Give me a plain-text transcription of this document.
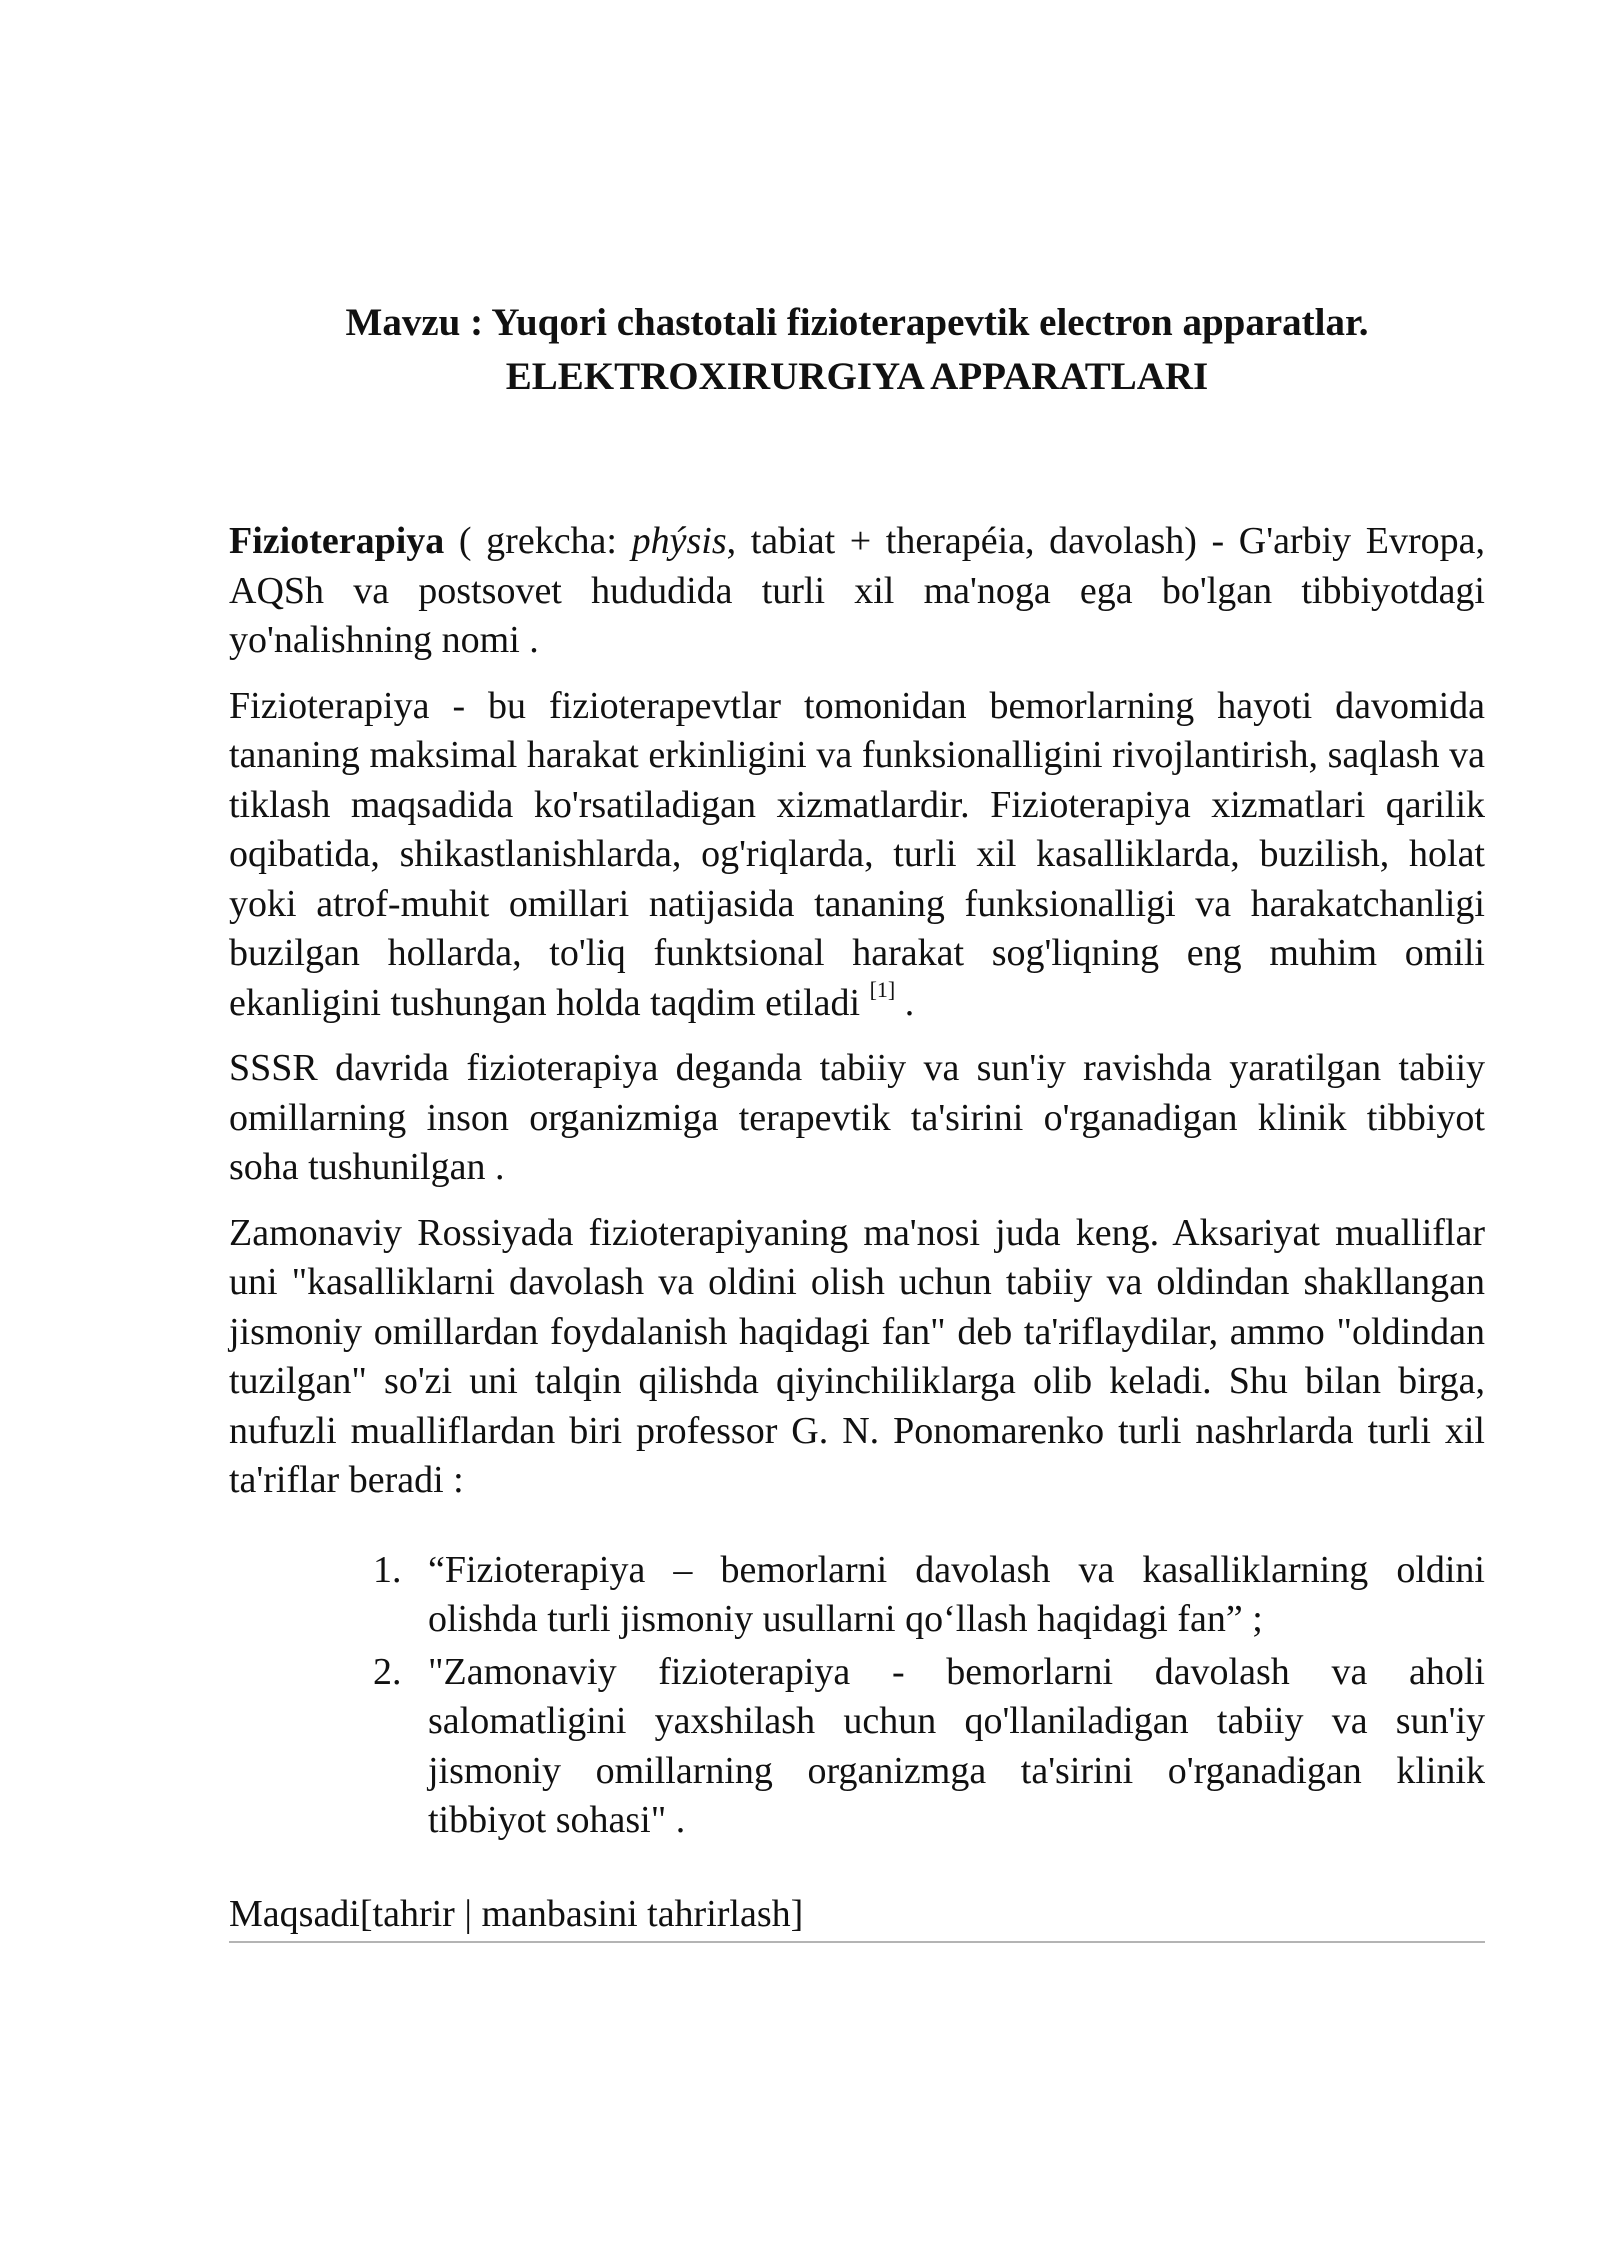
Mavzu : Yuqori chastotali fizioterapevtik electron apparatlar.
ELEKTROXIRURGIYA APPARATLARI

Fizioterapiya ( grekcha: phýsis, tabiat + therapéia, davolash) - G'arbiy Evropa, AQSh va postsovet hududida turli xil ma'noga ega bo'lgan tibbiyotdagi yo'nalishning nomi .

Fizioterapiya - bu fizioterapevtlar tomonidan bemorlarning hayoti davomida tananing maksimal harakat erkinligini va funksionalligini rivojlantirish, saqlash va tiklash maqsadida ko'rsatiladigan xizmatlardir. Fizioterapiya xizmatlari qarilik oqibatida, shikastlanishlarda, og'riqlarda, turli xil kasalliklarda, buzilish, holat yoki atrof-muhit omillari natijasida tananing funksionalligi va harakatchanligi buzilgan hollarda, to'liq funktsional harakat sog'liqning eng muhim omili ekanligini tushungan holda taqdim etiladi [1] .

SSSR davrida fizioterapiya deganda tabiiy va sun'iy ravishda yaratilgan tabiiy omillarning inson organizmiga terapevtik ta'sirini o'rganadigan klinik tibbiyot soha tushunilgan .

Zamonaviy Rossiyada fizioterapiyaning ma'nosi juda keng. Aksariyat mualliflar uni "kasalliklarni davolash va oldini olish uchun tabiiy va oldindan shakllangan jismoniy omillardan foydalanish haqidagi fan" deb ta'riflaydilar, ammo "oldindan tuzilgan" so'zi uni talqin qilishda qiyinchiliklarga olib keladi. Shu bilan birga, nufuzli mualliflardan biri professor G. N. Ponomarenko turli nashrlarda turli xil ta'riflar beradi :

1. “Fizioterapiya – bemorlarni davolash va kasalliklarning oldini olishda turli jismoniy usullarni qo‘llash haqidagi fan” ;
2. "Zamonaviy fizioterapiya - bemorlarni davolash va aholi salomatligini yaxshilash uchun qo'llaniladigan tabiiy va sun'iy jismoniy omillarning organizmga ta'sirini o'rganadigan klinik tibbiyot sohasi" .
Maqsadi[tahrir | manbasini tahrirlash]
